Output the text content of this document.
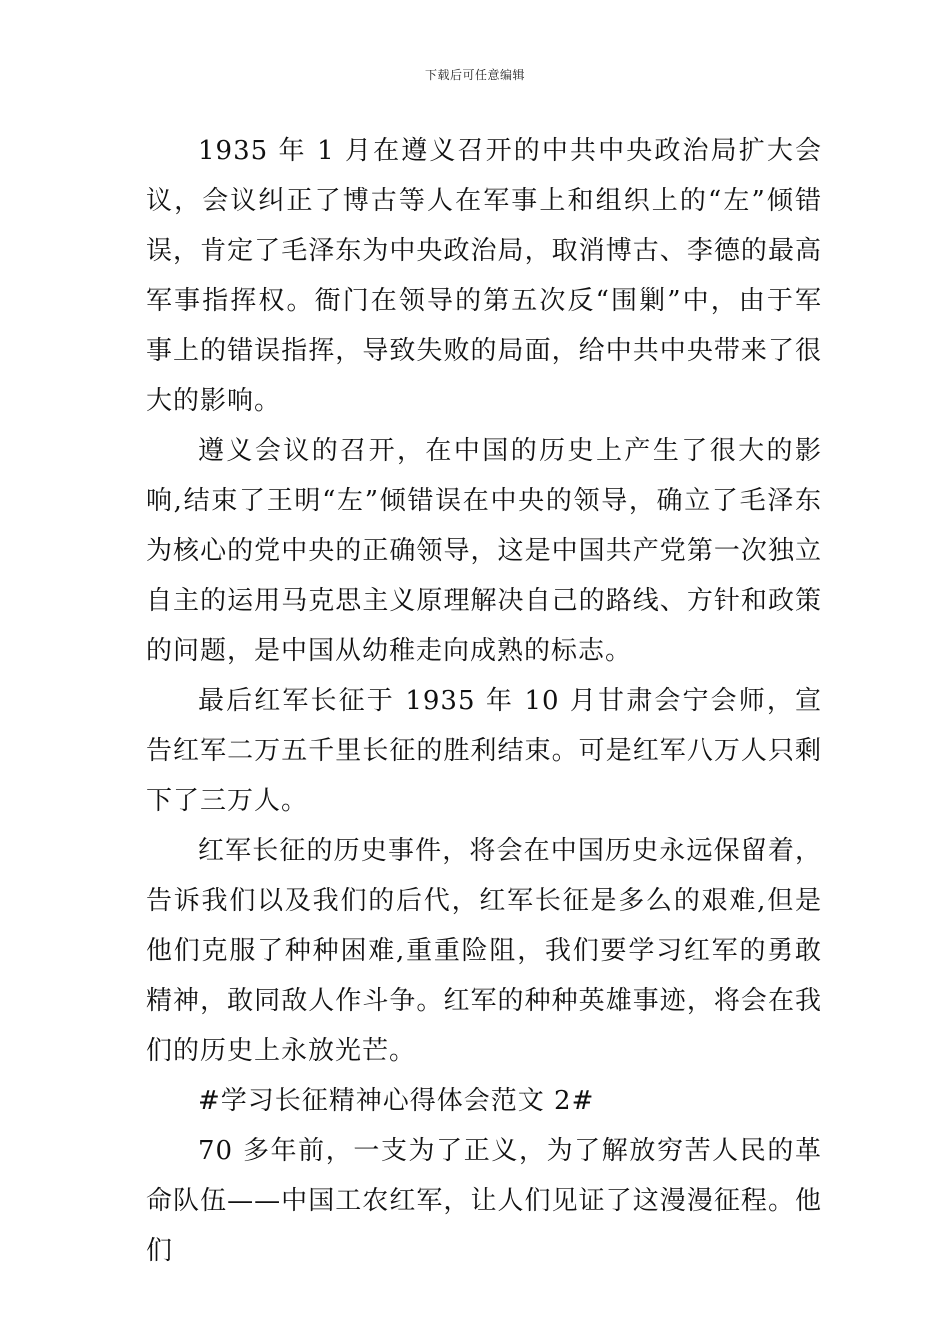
下载后可任意编辑

1935 年 1 月在遵义召开的中共中央政治局扩大会议，会议纠正了博古等人在军事上和组织上的“左”倾错误，肯定了毛泽东为中央政治局，取消博古、李德的最高军事指挥权。衙门在领导的第五次反“围剿”中，由于军事上的错误指挥，导致失败的局面，给中共中央带来了很大的影响。

遵义会议的召开，在中国的历史上产生了很大的影响,结束了王明“左”倾错误在中央的领导，确立了毛泽东为核心的党中央的正确领导，这是中国共产党第一次独立自主的运用马克思主义原理解决自己的路线、方针和政策的问题，是中国从幼稚走向成熟的标志。

最后红军长征于 1935 年 10 月甘肃会宁会师，宣告红军二万五千里长征的胜利结束。可是红军八万人只剩下了三万人。

红军长征的历史事件，将会在中国历史永远保留着，告诉我们以及我们的后代，红军长征是多么的艰难,但是他们克服了种种困难,重重险阻，我们要学习红军的勇敢精神，敢同敌人作斗争。红军的种种英雄事迹，将会在我们的历史上永放光芒。

#学习长征精神心得体会范文 2#

70 多年前，一支为了正义，为了解放穷苦人民的革命队伍——中国工农红军，让人们见证了这漫漫征程。他们
